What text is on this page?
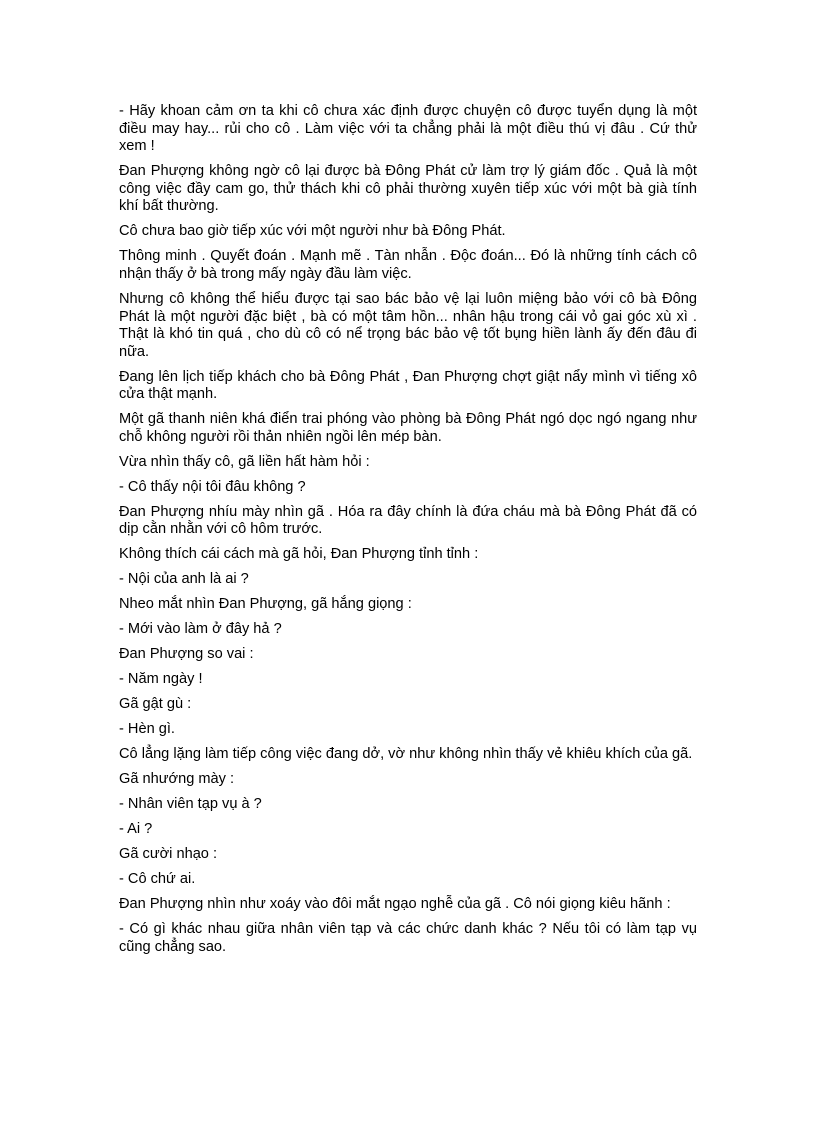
- Hãy khoan cảm ơn ta khi cô chưa xác định được chuyện cô được tuyển dụng là một điều may hay... rủi cho cô . Làm việc với ta chẳng phải là một điều thú vị đâu . Cứ thử xem !

Đan Phượng không ngờ cô lại được bà Đông Phát cử làm trợ lý giám đốc . Quả là một công việc đầy cam go, thử thách khi cô phải thường xuyên tiếp xúc với một bà già tính khí bất thường.

Cô chưa bao giờ tiếp xúc với một người như bà Đông Phát.

Thông minh . Quyết đoán . Mạnh mẽ . Tàn nhẫn . Độc đoán... Đó là những tính cách cô nhận thấy ở bà trong mấy ngày đầu làm việc.

Nhưng cô không thể hiểu được tại sao bác bảo vệ lại luôn miệng bảo với cô bà Đông Phát là một người đặc biệt , bà có một tâm hồn... nhân hậu trong cái vỏ gai góc xù xì . Thật là khó tin quá , cho dù cô có nể trọng bác bảo vệ tốt bụng hiền lành ấy đến đâu đi nữa.

Đang lên lịch tiếp khách cho bà Đông Phát , Đan Phượng chợt giật nẩy mình vì tiếng xô cửa thật mạnh.

Một gã thanh niên khá điển trai phóng vào phòng bà Đông Phát ngó dọc ngó ngang như chỗ không người rồi thản nhiên ngồi lên mép bàn.

Vừa nhìn thấy cô, gã liền hất hàm hỏi :

- Cô thấy nội tôi đâu không ?

Đan Phượng nhíu mày nhìn gã . Hóa ra đây chính là đứa cháu mà bà Đông Phát đã có dịp cằn nhằn với cô hôm trước.

Không thích cái cách mà gã hỏi, Đan Phượng tỉnh tỉnh :

- Nội của anh là ai ?

Nheo mắt nhìn Đan Phượng, gã hắng giọng :

- Mới vào làm ở đây hả ?

Đan Phượng so vai :

- Năm ngày !

Gã gật gù :

- Hèn gì.

Cô lẳng lặng làm tiếp công việc đang dở, vờ như không nhìn thấy vẻ khiêu khích của gã.

Gã nhướng mày :

- Nhân viên tạp vụ à ?

- Ai ?

Gã cười nhạo :

- Cô chứ ai.

Đan Phượng nhìn như xoáy vào đôi mắt ngạo nghễ của gã . Cô nói giọng kiêu hãnh :

- Có gì khác nhau giữa nhân viên tạp và các chức danh khác ? Nếu tôi có làm tạp vụ cũng chẳng sao.
